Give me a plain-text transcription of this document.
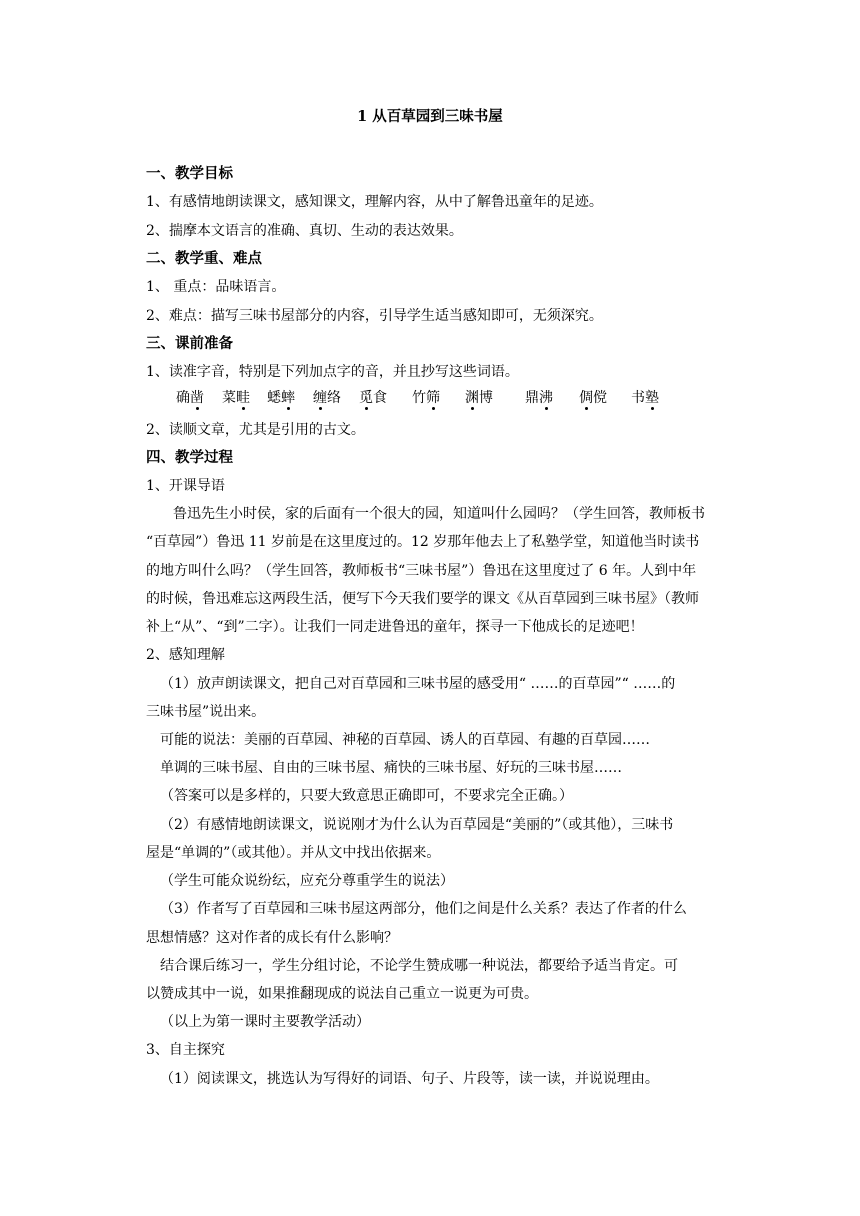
1 从百草园到三味书屋
一、教学目标
1、有感情地朗读课文，感知课文，理解内容，从中了解鲁迅童年的足迹。
2、揣摩本文语言的准确、真切、生动的表达效果。
二、教学重、难点
1、 重点：品味语言。
2、难点：描写三味书屋部分的内容，引导学生适当感知即可，无须深究。
三、课前准备
1、读准字音，特别是下列加点字的音，并且抄写这些词语。
确凿 菜畦 蟋蟀 缠络 觅食 竹筛 渊博 鼎沸 倜傥 书塾
2、读顺文章，尤其是引用的古文。
四、教学过程
1、开课导语
鲁迅先生小时侯，家的后面有一个很大的园，知道叫什么园吗？（学生回答，教师板书
“百草园”）鲁迅 11 岁前是在这里度过的。12 岁那年他去上了私塾学堂，知道他当时读书
的地方叫什么吗？（学生回答，教师板书“三味书屋”）鲁迅在这里度过了 6 年。人到中年
的时候，鲁迅难忘这两段生活，便写下今天我们要学的课文《从百草园到三味书屋》（教师
补上“从”、“到”二字）。让我们一同走进鲁迅的童年，探寻一下他成长的足迹吧！
2、感知理解
（1）放声朗读课文，把自己对百草园和三味书屋的感受用“ ……的百草园”“ ……的
三味书屋”说出来。
可能的说法：美丽的百草园、神秘的百草园、诱人的百草园、有趣的百草园……
单调的三味书屋、自由的三味书屋、痛快的三味书屋、好玩的三味书屋……
（答案可以是多样的，只要大致意思正确即可，不要求完全正确。）
（2）有感情地朗读课文，说说刚才为什么认为百草园是“美丽的”（或其他），三味书
屋是“单调的”（或其他）。并从文中找出依据来。
（学生可能众说纷纭，应充分尊重学生的说法）
（3）作者写了百草园和三味书屋这两部分，他们之间是什么关系？表达了作者的什么
思想情感？这对作者的成长有什么影响？
结合课后练习一，学生分组讨论，不论学生赞成哪一种说法，都要给予适当肯定。可
以赞成其中一说，如果推翻现成的说法自己重立一说更为可贵。
（以上为第一课时主要教学活动）
3、自主探究
（1）阅读课文，挑选认为写得好的词语、句子、片段等，读一读，并说说理由。
